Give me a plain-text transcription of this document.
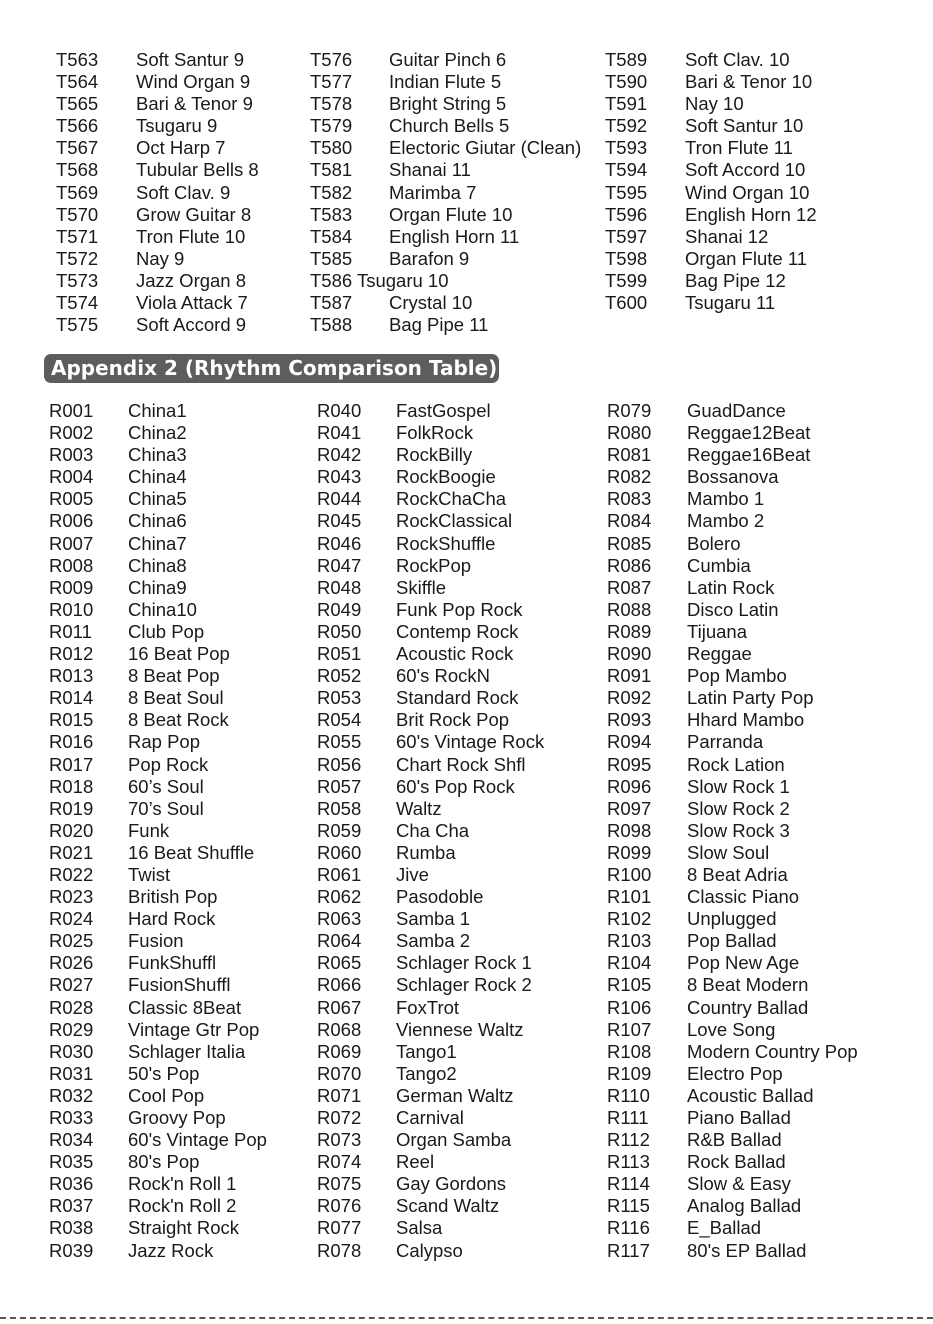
T563 Soft Santur 9
T564 Wind Organ 9
T565 Bari & Tenor 9
T566 Tsugaru 9
T567 Oct Harp 7
T568 Tubular Bells 8
T569 Soft Clav. 9
T570 Grow Guitar 8
T571 Tron Flute 10
T572 Nay 9
T573 Jazz Organ 8
T574 Viola Attack 7
T575 Soft Accord 9
T576 Guitar Pinch 6
T577 Indian Flute 5
T578 Bright String 5
T579 Church Bells 5
T580 Electoric Giutar (Clean)
T581 Shanai 11
T582 Marimba 7
T583 Organ Flute 10
T584 English Horn 11
T585 Barafon 9
T586 Tsugaru 10
T587 Crystal 10
T588 Bag Pipe 11
T589 Soft Clav. 10
T590 Bari & Tenor 10
T591 Nay 10
T592 Soft Santur 10
T593 Tron Flute 11
T594 Soft Accord 10
T595 Wind Organ 10
T596 English Horn 12
T597 Shanai 12
T598 Organ Flute 11
T599 Bag Pipe 12
T600 Tsugaru 11
Appendix 2 (Rhythm Comparison Table)
R001 China1
R002 China2
R003 China3
R004 China4
R005 China5
R006 China6
R007 China7
R008 China8
R009 China9
R010 China10
R011 Club Pop
R012 16 Beat Pop
R013 8 Beat Pop
R014 8 Beat Soul
R015 8 Beat Rock
R016 Rap Pop
R017 Pop Rock
R018 60’s Soul
R019 70’s Soul
R020 Funk
R021 16 Beat Shuffle
R022 Twist
R023 British Pop
R024 Hard Rock
R025 Fusion
R026 FunkShuffl
R027 FusionShuffl
R028 Classic 8Beat
R029 Vintage Gtr Pop
R030 Schlager Italia
R031 50's Pop
R032 Cool Pop
R033 Groovy Pop
R034 60's Vintage Pop
R035 80's Pop
R036 Rock'n Roll 1
R037 Rock'n Roll 2
R038 Straight Rock
R039 Jazz Rock
R040 FastGospel
R041 FolkRock
R042 RockBilly
R043 RockBoogie
R044 RockChaCha
R045 RockClassical
R046 RockShuffle
R047 RockPop
R048 Skiffle
R049 Funk Pop Rock
R050 Contemp Rock
R051 Acoustic Rock
R052 60's RockN
R053 Standard Rock
R054 Brit Rock Pop
R055 60's Vintage Rock
R056 Chart Rock Shfl
R057 60's Pop Rock
R058 Waltz
R059 Cha Cha
R060 Rumba
R061 Jive
R062 Pasodoble
R063 Samba 1
R064 Samba 2
R065 Schlager Rock 1
R066 Schlager Rock 2
R067 FoxTrot
R068 Viennese Waltz
R069 Tango1
R070 Tango2
R071 German Waltz
R072 Carnival
R073 Organ Samba
R074 Reel
R075 Gay Gordons
R076 Scand Waltz
R077 Salsa
R078 Calypso
R079 GuadDance
R080 Reggae12Beat
R081 Reggae16Beat
R082 Bossanova
R083 Mambo 1
R084 Mambo 2
R085 Bolero
R086 Cumbia
R087 Latin Rock
R088 Disco Latin
R089 Tijuana
R090 Reggae
R091 Pop Mambo
R092 Latin Party Pop
R093 Hhard Mambo
R094 Parranda
R095 Rock Lation
R096 Slow Rock 1
R097 Slow Rock 2
R098 Slow Rock 3
R099 Slow Soul
R100 8 Beat Adria
R101 Classic Piano
R102 Unplugged
R103 Pop Ballad
R104 Pop New Age
R105 8 Beat Modern
R106 Country Ballad
R107 Love Song
R108 Modern Country Pop
R109 Electro Pop
R110 Acoustic Ballad
R111 Piano Ballad
R112 R&B Ballad
R113 Rock Ballad
R114 Slow & Easy
R115 Analog Ballad
R116 E_Ballad
R117 80's EP Ballad
